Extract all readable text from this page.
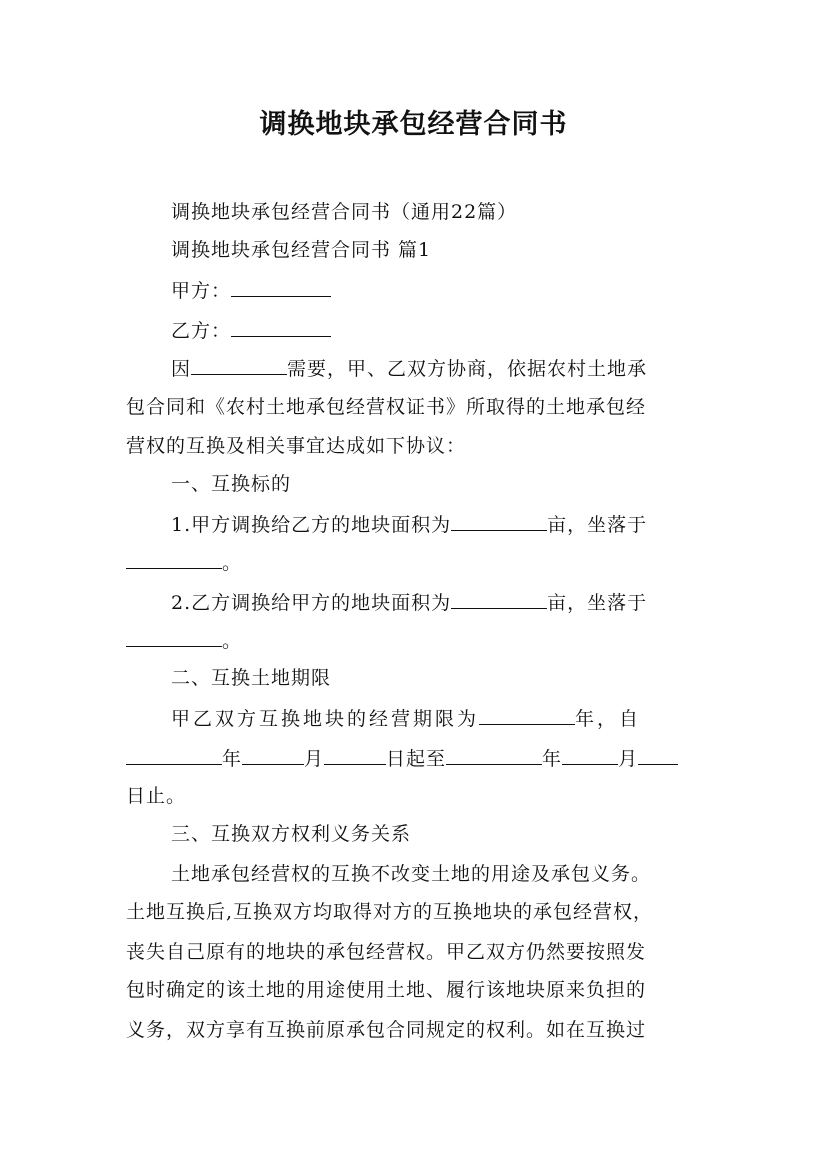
调换地块承包经营合同书
调换地块承包经营合同书（通用22篇）
调换地块承包经营合同书 篇1
甲方：
乙方：
因	需要，甲、乙双方协商，依据农村土地承
包合同和《农村土地承包经营权证书》所取得的土地承包经
营权的互换及相关事宜达成如下协议：
一、互换标的
1.甲方调换给乙方的地块面积为	亩，坐落于
。
2.乙方调换给甲方的地块面积为	亩，坐落于
。
二、互换土地期限
甲乙双方互换地块的经营期限为	年，自
年	月	日起至	年	月
日止。
三、互换双方权利义务关系
土地承包经营权的互换不改变土地的用途及承包义务。
土地互换后,互换双方均取得对方的互换地块的承包经营权，
丧失自己原有的地块的承包经营权。甲乙双方仍然要按照发
包时确定的该土地的用途使用土地、履行该地块原来负担的
义务，双方享有互换前原承包合同规定的权利。如在互换过
